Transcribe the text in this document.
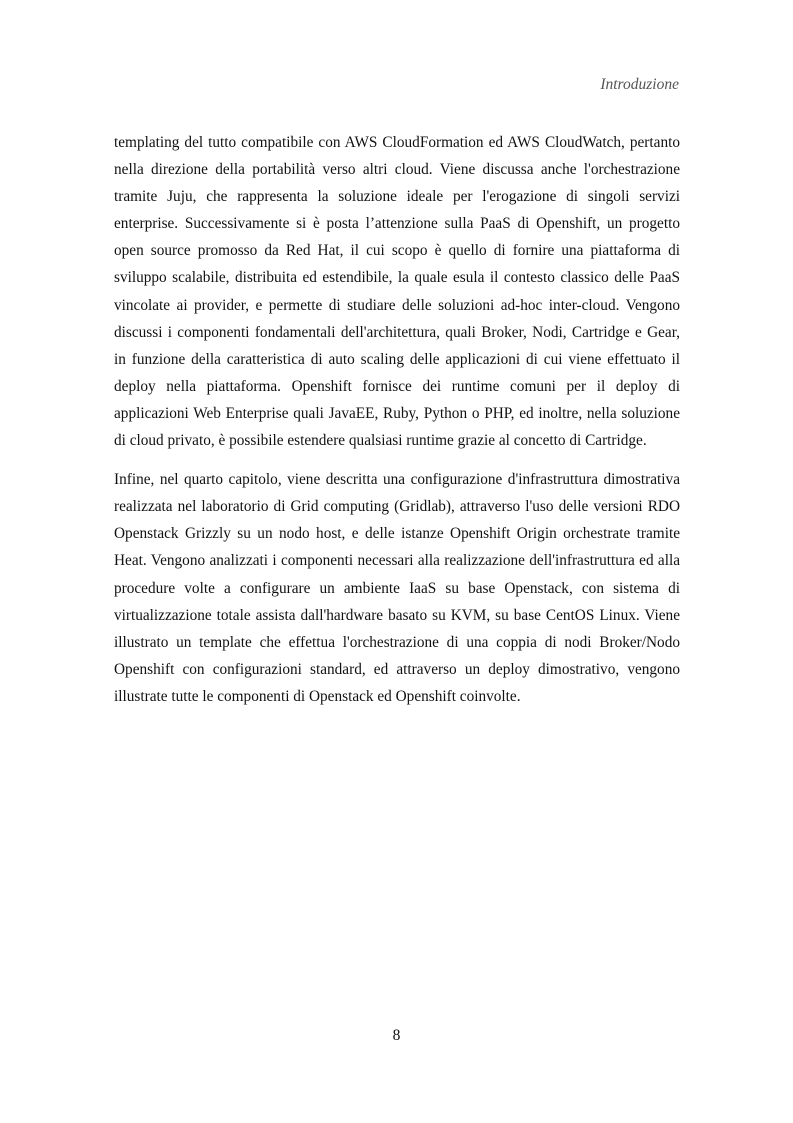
Introduzione

templating del tutto compatibile con AWS CloudFormation ed AWS CloudWatch, pertanto nella direzione della portabilità verso altri cloud. Viene discussa anche l'orchestrazione tramite Juju, che rappresenta la soluzione ideale per l'erogazione di singoli servizi enterprise. Successivamente si è posta l’attenzione sulla PaaS di Openshift, un progetto open source promosso da Red Hat, il cui scopo è quello di fornire una piattaforma di sviluppo scalabile, distribuita ed estendibile, la quale esula il contesto classico delle PaaS vincolate ai provider, e permette di studiare delle soluzioni ad-hoc inter-cloud. Vengono discussi i componenti fondamentali dell'architettura, quali Broker, Nodi, Cartridge e Gear, in funzione della caratteristica di auto scaling delle applicazioni di cui viene effettuato il deploy nella piattaforma. Openshift fornisce dei runtime comuni per il deploy di applicazioni Web Enterprise quali JavaEE, Ruby, Python o PHP, ed inoltre, nella soluzione di cloud privato, è possibile estendere qualsiasi runtime grazie al concetto di Cartridge.

Infine, nel quarto capitolo, viene descritta una configurazione d'infrastruttura dimostrativa realizzata nel laboratorio di Grid computing (Gridlab), attraverso l'uso delle versioni RDO Openstack Grizzly su un nodo host, e delle istanze Openshift Origin orchestrate tramite Heat. Vengono analizzati i componenti necessari alla realizzazione dell'infrastruttura ed alla procedure volte a configurare un ambiente IaaS su base Openstack, con sistema di virtualizzazione totale assista dall'hardware basato su KVM, su base CentOS Linux. Viene illustrato un template che effettua l'orchestrazione di una coppia di nodi Broker/Nodo Openshift con configurazioni standard, ed attraverso un deploy dimostrativo, vengono illustrate tutte le componenti di Openstack ed Openshift coinvolte.

8
